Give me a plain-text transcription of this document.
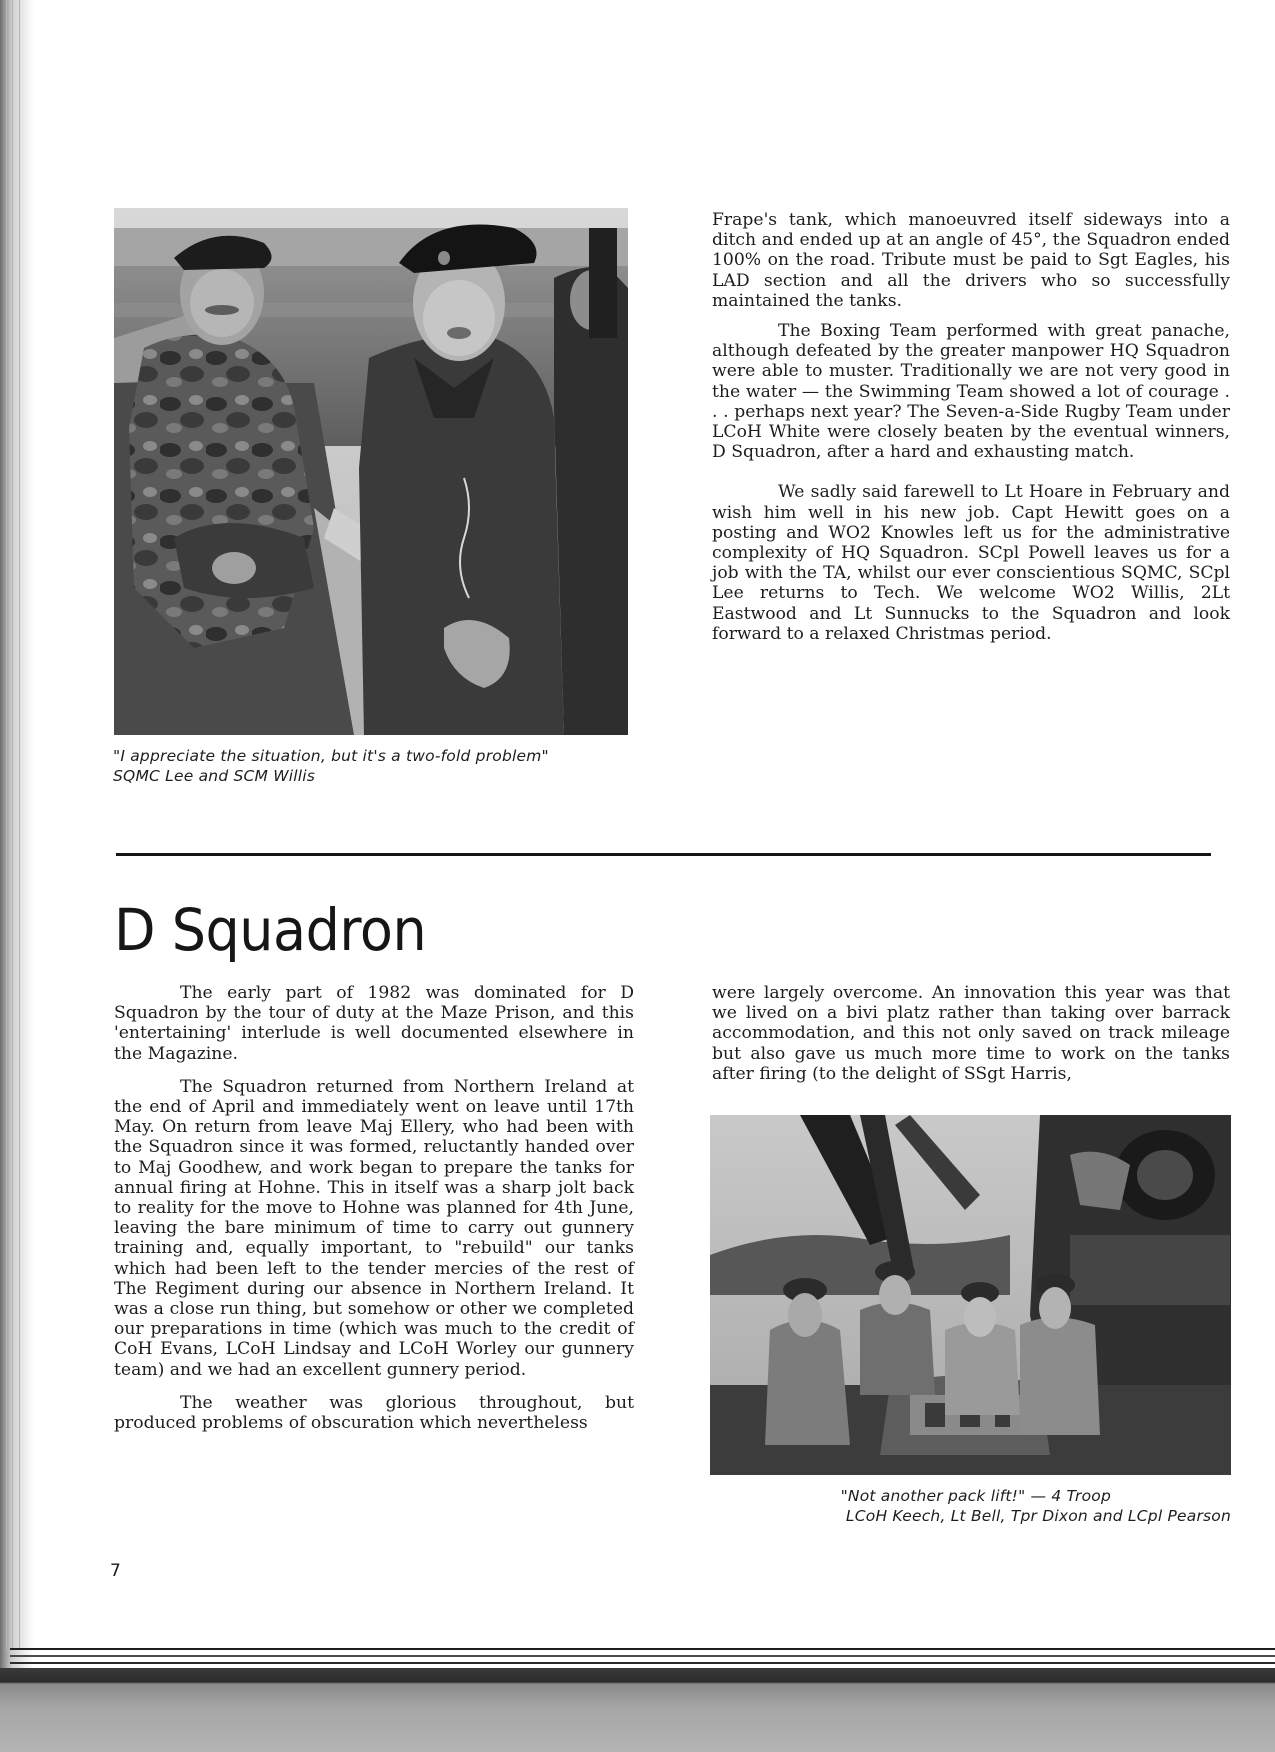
"I appreciate the situation, but it's a two-fold problem"
SQMC Lee and SCM Willis

Frape's tank, which manoeuvred itself sideways into a ditch and ended up at an angle of 45°, the Squadron ended 100% on the road. Tribute must be paid to Sgt Eagles, his LAD section and all the drivers who so successfully maintained the tanks.

The Boxing Team performed with great panache, although defeated by the greater manpower HQ Squadron were able to muster. Traditionally we are not very good in the water — the Swimming Team showed a lot of courage . . . perhaps next year? The Seven-a-Side Rugby Team under LCoH White were closely beaten by the eventual winners, D Squadron, after a hard and exhausting match.

We sadly said farewell to Lt Hoare in February and wish him well in his new job. Capt Hewitt goes on a posting and WO2 Knowles left us for the administrative complexity of HQ Squadron. SCpl Powell leaves us for a job with the TA, whilst our ever conscientious SQMC, SCpl Lee returns to Tech. We welcome WO2 Willis, 2Lt Eastwood and Lt Sunnucks to the Squadron and look forward to a relaxed Christmas period.

D Squadron

The early part of 1982 was dominated for D Squadron by the tour of duty at the Maze Prison, and this 'entertaining' interlude is well documented elsewhere in the Magazine.

The Squadron returned from Northern Ireland at the end of April and immediately went on leave until 17th May. On return from leave Maj Ellery, who had been with the Squadron since it was formed, reluctantly handed over to Maj Goodhew, and work began to prepare the tanks for annual firing at Hohne. This in itself was a sharp jolt back to reality for the move to Hohne was planned for 4th June, leaving the bare minimum of time to carry out gunnery training and, equally important, to "rebuild" our tanks which had been left to the tender mercies of the rest of The Regiment during our absence in Northern Ireland. It was a close run thing, but somehow or other we completed our preparations in time (which was much to the credit of CoH Evans, LCoH Lindsay and LCoH Worley our gunnery team) and we had an excellent gunnery period.

The weather was glorious throughout, but produced problems of obscuration which nevertheless

were largely overcome. An innovation this year was that we lived on a bivi platz rather than taking over barrack accommodation, and this not only saved on track mileage but also gave us much more time to work on the tanks after firing (to the delight of SSgt Harris,

"Not another pack lift!" — 4 Troop
LCoH Keech, Lt Bell, Tpr Dixon and LCpl Pearson

7
